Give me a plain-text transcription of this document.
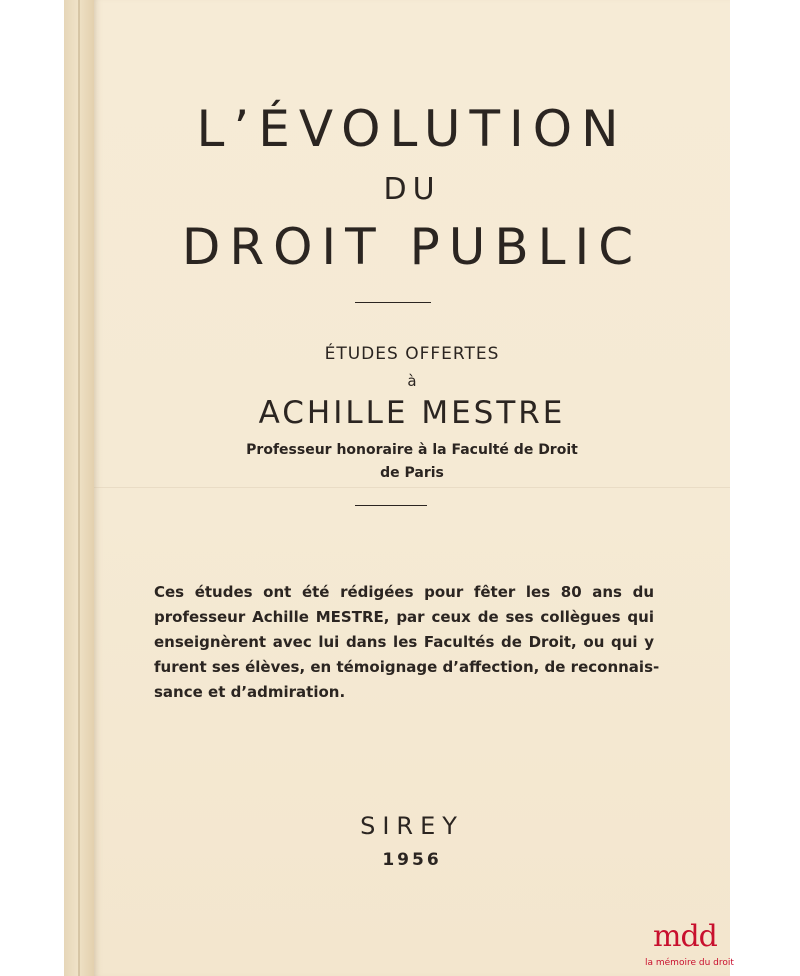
L’ÉVOLUTION
DU
DROIT PUBLIC
ÉTUDES OFFERTES
à
ACHILLE MESTRE
Professeur honoraire à la Faculté de Droit
de Paris
Ces études ont été rédigées pour fêter les 80 ans du
professeur Achille MESTRE, par ceux de ses collègues qui
enseignèrent avec lui dans les Facultés de Droit, ou qui y
furent ses élèves, en témoignage d’affection, de reconnais-
sance et d’admiration.
SIREY
1956
mdd
la mémoire du droit
